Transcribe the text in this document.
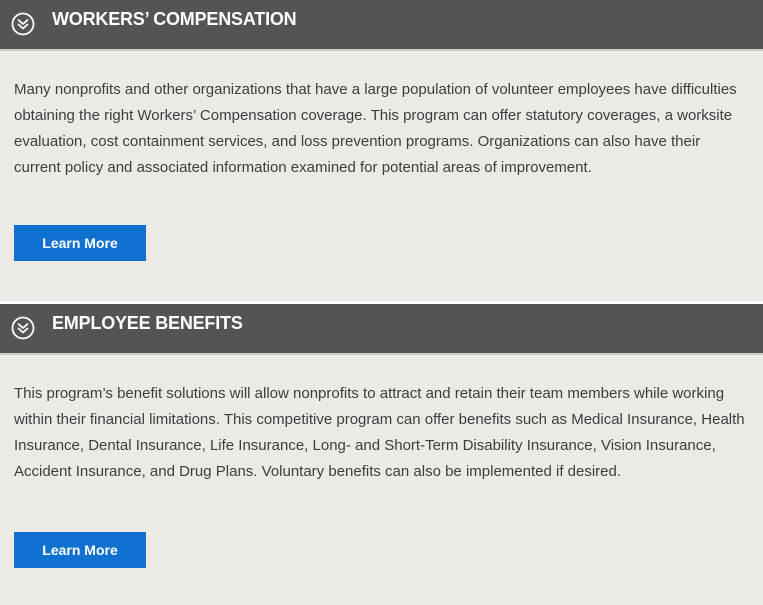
WORKERS’ COMPENSATION

Many nonprofits and other organizations that have a large population of volunteer employees have difficulties obtaining the right Workers’ Compensation coverage. This program can offer statutory coverages, a worksite evaluation, cost containment services, and loss prevention programs. Organizations can also have their current policy and associated information examined for potential areas of improvement.

Learn More
EMPLOYEE BENEFITS

This program’s benefit solutions will allow nonprofits to attract and retain their team members while working within their financial limitations. This competitive program can offer benefits such as Medical Insurance, Health Insurance, Dental Insurance, Life Insurance, Long- and Short-Term Disability Insurance, Vision Insurance, Accident Insurance, and Drug Plans. Voluntary benefits can also be implemented if desired.

Learn More
